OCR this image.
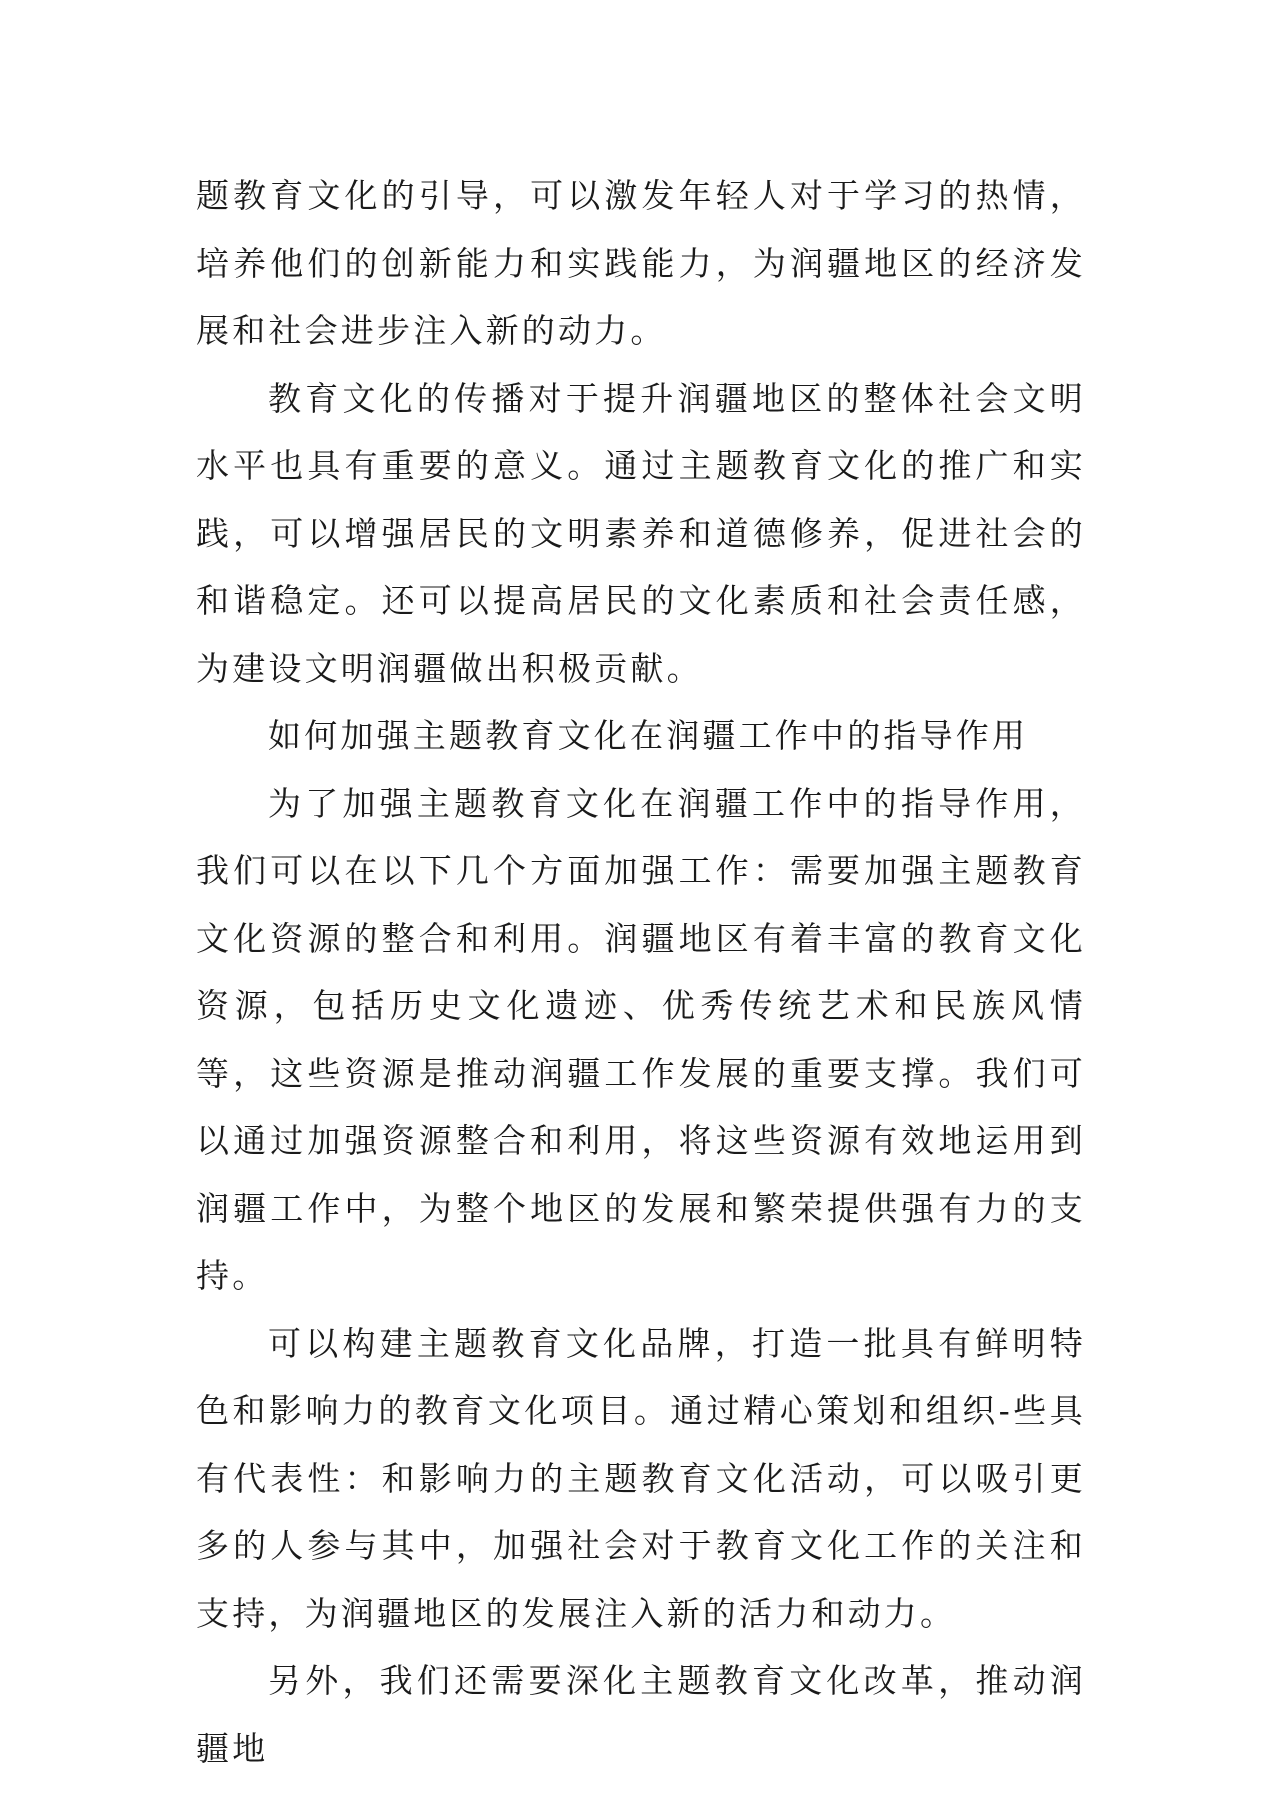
题教育文化的引导，可以激发年轻人对于学习的热情，培养他们的创新能力和实践能力，为润疆地区的经济发展和社会进步注入新的动力。

教育文化的传播对于提升润疆地区的整体社会文明水平也具有重要的意义。通过主题教育文化的推广和实践，可以增强居民的文明素养和道德修养，促进社会的和谐稳定。还可以提高居民的文化素质和社会责任感，为建设文明润疆做出积极贡献。

如何加强主题教育文化在润疆工作中的指导作用

为了加强主题教育文化在润疆工作中的指导作用，我们可以在以下几个方面加强工作：需要加强主题教育文化资源的整合和利用。润疆地区有着丰富的教育文化资源，包括历史文化遗迹、优秀传统艺术和民族风情等，这些资源是推动润疆工作发展的重要支撑。我们可以通过加强资源整合和利用，将这些资源有效地运用到润疆工作中，为整个地区的发展和繁荣提供强有力的支持。

可以构建主题教育文化品牌，打造一批具有鲜明特色和影响力的教育文化项目。通过精心策划和组织-些具有代表性：和影响力的主题教育文化活动，可以吸引更多的人参与其中，加强社会对于教育文化工作的关注和支持，为润疆地区的发展注入新的活力和动力。

另外，我们还需要深化主题教育文化改革，推动润疆地
